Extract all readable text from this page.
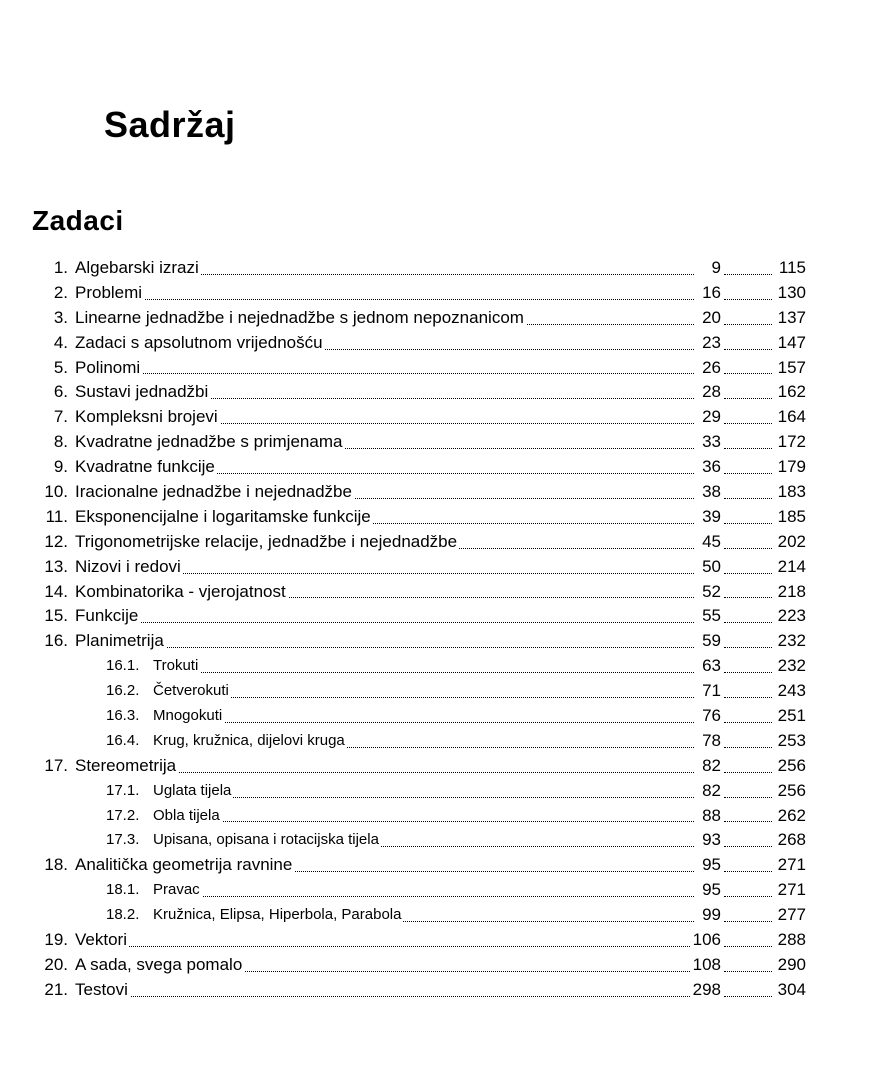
Sadržaj
Zadaci
1. Algebarski izrazi	9	115
2. Problemi	16	130
3. Linearne jednadžbe i nejednadžbe s jednom nepoznanicom	20	137
4. Zadaci s apsolutnom vrijednošću	23	147
5. Polinomi	26	157
6. Sustavi jednadžbi	28	162
7. Kompleksni brojevi	29	164
8. Kvadratne jednadžbe s primjenama	33	172
9. Kvadratne funkcije	36	179
10. Iracionalne jednadžbe i nejednadžbe	38	183
11. Eksponencijalne i logaritamske funkcije	39	185
12. Trigonometrijske relacije, jednadžbe i nejednadžbe	45	202
13. Nizovi i redovi	50	214
14. Kombinatorika - vjerojatnost	52	218
15. Funkcije	55	223
16. Planimetrija	59	232
16.1. Trokuti	63	232
16.2. Četverokuti	71	243
16.3. Mnogokuti	76	251
16.4. Krug, kružnica, dijelovi kruga	78	253
17. Stereometrija	82	256
17.1. Uglata tijela	82	256
17.2. Obla tijela	88	262
17.3. Upisana, opisana i rotacijska tijela	93	268
18. Analitička geometrija ravnine	95	271
18.1. Pravac	95	271
18.2. Kružnica, Elipsa, Hiperbola, Parabola	99	277
19. Vektori	106	288
20. A sada, svega pomalo	108	290
21. Testovi	298	304
